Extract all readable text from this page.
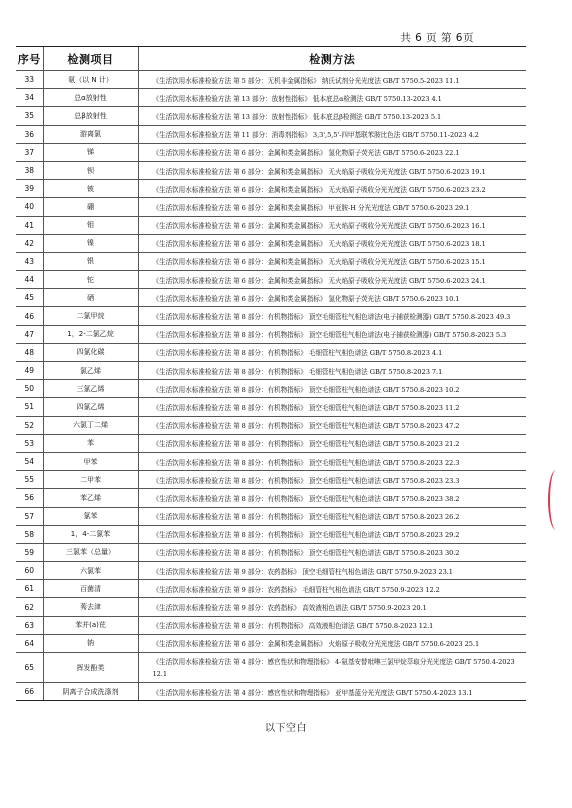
共 6 页 第 6页
序号	检测项目	检测方法
33	氨（以 N 计）	《生活饮用水标准检验方法 第 5 部分：无机非金属指标》 纳氏试剂分光光度法 GB/T 5750.5-2023 11.1
34	总α放射性	《生活饮用水标准检验方法 第 13 部分：放射性指标》 低本底总α检测法 GB/T 5750.13-2023 4.1
35	总β放射性	《生活饮用水标准检验方法 第 13 部分：放射性指标》 低本底总β检测法 GB/T 5750.13-2023 5.1
36	游离氯	《生活饮用水标准检验方法 第 11 部分：消毒剂指标》 3,3',5,5'-四甲基联苯胺比色法 GB/T 5750.11-2023 4.2
37	锑	《生活饮用水标准检验方法 第 6 部分：金属和类金属指标》 氢化物原子荧光法 GB/T 5750.6-2023 22.1
38	钡	《生活饮用水标准检验方法 第 6 部分：金属和类金属指标》 无火焰原子吸收分光光度法 GB/T 5750.6-2023 19.1
39	铍	《生活饮用水标准检验方法 第 6 部分：金属和类金属指标》 无火焰原子吸收分光光度法 GB/T 5750.6-2023 23.2
40	硼	《生活饮用水标准检验方法 第 6 部分：金属和类金属指标》 甲亚胺-H 分光光度法 GB/T 5750.6-2023 29.1
41	钼	《生活饮用水标准检验方法 第 6 部分：金属和类金属指标》 无火焰原子吸收分光光度法 GB/T 5750.6-2023 16.1
42	镍	《生活饮用水标准检验方法 第 6 部分：金属和类金属指标》 无火焰原子吸收分光光度法 GB/T 5750.6-2023 18.1
43	银	《生活饮用水标准检验方法 第 6 部分：金属和类金属指标》 无火焰原子吸收分光光度法 GB/T 5750.6-2023 15.1
44	铊	《生活饮用水标准检验方法 第 6 部分：金属和类金属指标》 无火焰原子吸收分光光度法 GB/T 5750.6-2023 24.1
45	硒	《生活饮用水标准检验方法 第 6 部分：金属和类金属指标》 氢化物原子荧光法 GB/T 5750.6-2023 10.1
46	二氯甲烷	《生活饮用水标准检验方法 第 8 部分：有机物指标》 顶空毛细管柱气相色谱法(电子捕获检测器) GB/T 5750.8-2023 49.3
47	1，2-二氯乙烷	《生活饮用水标准检验方法 第 8 部分：有机物指标》 顶空毛细管柱气相色谱法(电子捕获检测器) GB/T 5750.8-2023 5.3
48	四氯化碳	《生活饮用水标准检验方法 第 8 部分：有机物指标》 毛细管柱气相色谱法 GB/T 5750.8-2023 4.1
49	氯乙烯	《生活饮用水标准检验方法 第 8 部分：有机物指标》 毛细管柱气相色谱法 GB/T 5750.8-2023 7.1
50	三氯乙烯	《生活饮用水标准检验方法 第 8 部分：有机物指标》 顶空毛细管柱气相色谱法 GB/T 5750.8-2023 10.2
51	四氯乙烯	《生活饮用水标准检验方法 第 8 部分：有机物指标》 顶空毛细管柱气相色谱法 GB/T 5750.8-2023 11.2
52	六氯丁二烯	《生活饮用水标准检验方法 第 8 部分：有机物指标》 顶空毛细管柱气相色谱法 GB/T 5750.8-2023 47.2
53	苯	《生活饮用水标准检验方法 第 8 部分：有机物指标》 顶空毛细管柱气相色谱法 GB/T 5750.8-2023 21.2
54	甲苯	《生活饮用水标准检验方法 第 8 部分：有机物指标》 顶空毛细管柱气相色谱法 GB/T 5750.8-2023 22.3
55	二甲苯	《生活饮用水标准检验方法 第 8 部分：有机物指标》 顶空毛细管柱气相色谱法 GB/T 5750.8-2023 23.3
56	苯乙烯	《生活饮用水标准检验方法 第 8 部分：有机物指标》 顶空毛细管柱气相色谱法 GB/T 5750.8-2023 38.2
57	氯苯	《生活饮用水标准检验方法 第 8 部分：有机物指标》 顶空毛细管柱气相色谱法 GB/T 5750.8-2023 26.2
58	1，4-二氯苯	《生活饮用水标准检验方法 第 8 部分：有机物指标》 顶空毛细管柱气相色谱法 GB/T 5750.8-2023 29.2
59	三氯苯（总量）	《生活饮用水标准检验方法 第 8 部分：有机物指标》 顶空毛细管柱气相色谱法 GB/T 5750.8-2023 30.2
60	六氯苯	《生活饮用水标准检验方法 第 9 部分：农药指标》 顶空毛细管柱气相色谱法 GB/T 5750.9-2023 23.1
61	百菌清	《生活饮用水标准检验方法 第 9 部分：农药指标》 毛细管柱气相色谱法 GB/T 5750.9-2023 12.2
62	莠去津	《生活饮用水标准检验方法 第 9 部分：农药指标》 高效液相色谱法 GB/T 5750.9-2023 20.1
63	苯并(a)芘	《生活饮用水标准检验方法 第 8 部分：有机物指标》 高效液相色谱法 GB/T 5750.8-2023 12.1
64	钠	《生活饮用水标准检验方法 第 6 部分：金属和类金属指标》 火焰原子吸收分光光度法 GB/T 5750.6-2023 25.1
65	挥发酚类	《生活饮用水标准检验方法 第 4 部分：感官性状和物理指标》 4-氨基安替吡啉三氯甲烷萃取分光光度法 GB/T 5750.4-2023 12.1
66	阴离子合成洗涤剂	《生活饮用水标准检验方法 第 4 部分：感官性状和物理指标》 亚甲基蓝分光光度法 GB/T 5750.4-2023 13.1
以下空白
